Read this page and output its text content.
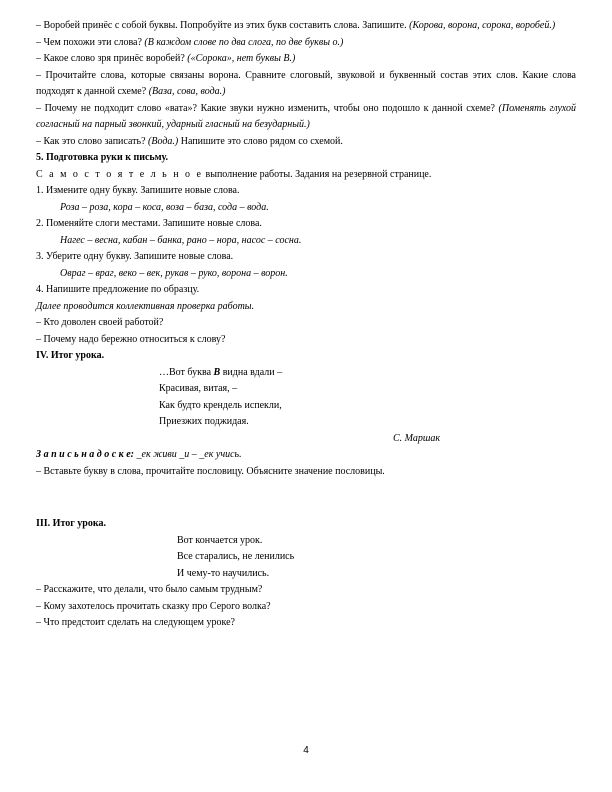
– Воробей принёс с собой буквы. Попробуйте из этих букв составить слова. Запишите. (Корова, ворона, сорока, воробей.)

– Чем похожи эти слова? (В каждом слове по два слога, по две буквы о.)

– Какое слово зря принёс воробей? («Сорока», нет буквы В.)

– Прочитайте слова, которые связаны ворона. Сравните слоговый, звуковой и буквенный состав этих слов. Какие слова подходят к данной схеме? (Ваза, сова, вода.)

– Почему не подходит слово «вата»? Какие звуки нужно изменить, чтобы оно подошло к данной схеме? (Поменять глухой согласный на парный звонкий, ударный гласный на безударный.)

– Как это слово записать? (Вода.) Напишите это слово рядом со схемой.

5. Подготовка руки к письму.

С а м о с т о я т е л ь н о е выполнение работы. Задания на резервной странице.

1. Измените одну букву. Запишите новые слова.

Роза – роза, кора – коса, воза – база, сода – вода.

2. Поменяйте слоги местами. Запишите новые слова.

Нагес – весна, кабан – банка, рано – нора, насос – сосна.

3. Уберите одну букву. Запишите новые слова.

Овраг – враг, веко – век, рукав – руко, ворона – ворон.

4. Напишите предложение по образцу.

Далее проводится коллективная проверка работы.

– Кто доволен своей работой?

– Почему надо бережно относиться к слову?

IV. Итог урока.

…Вот буква В видна вдали –

Красивая, витая, –

Как будто крендель испекли,

Приезжих поджидая.

С. Маршак

З а п и с ь н а д о с к е: _ек живи _и – _ек учись.

– Вставьте букву в слова, прочитайте пословицу. Объясните значение пословицы.

III. Итог урока.

Вот кончается урок.

Все старались, не ленились

И чему-то научились.

– Расскажите, что делали, что было самым трудным?

– Кому захотелось прочитать сказку про Серого волка?

– Что предстоит сделать на следующем уроке?

4
